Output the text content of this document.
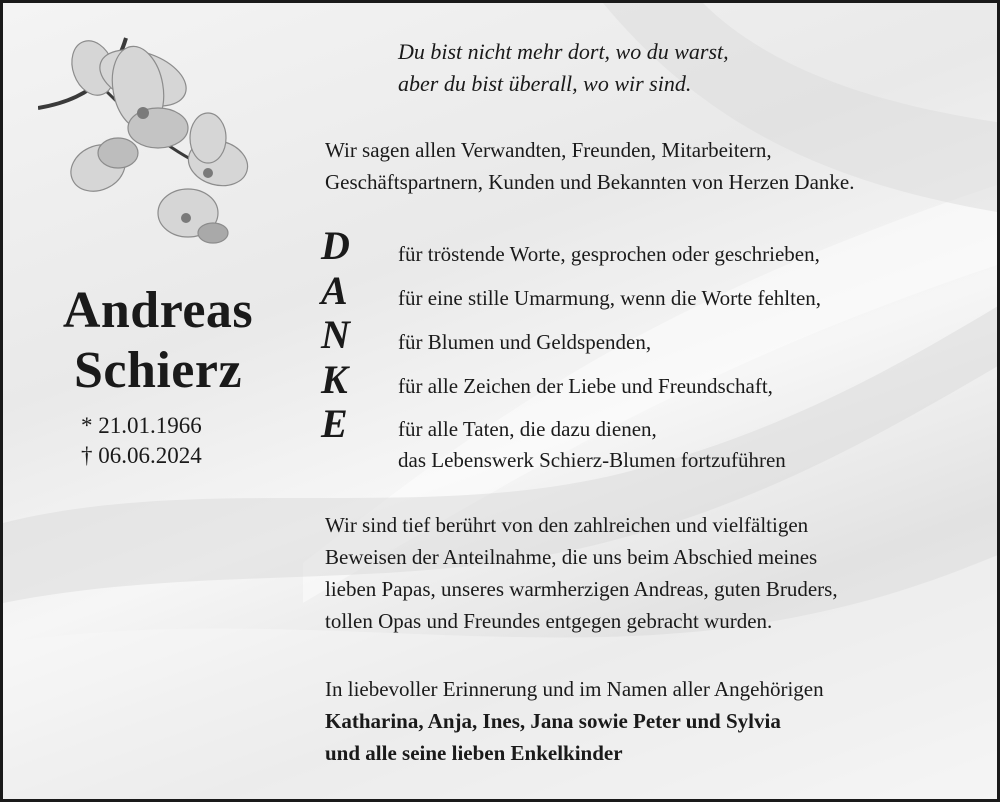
Andreas
Schierz
* 21.01.1966
† 06.06.2024
Du bist nicht mehr dort, wo du warst,
aber du bist überall, wo wir sind.
Wir sagen allen Verwandten, Freunden, Mitarbeitern,
Geschäftspartnern, Kunden und Bekannten von Herzen Danke.
D
A
N
K
E
für tröstende Worte, gesprochen oder geschrieben,
für eine stille Umarmung, wenn die Worte fehlten,
für Blumen und Geldspenden,
für alle Zeichen der Liebe und Freundschaft,
für alle Taten, die dazu dienen,
das Lebenswerk Schierz-Blumen fortzuführen
Wir sind tief berührt von den zahlreichen und vielfältigen
Beweisen der Anteilnahme, die uns beim Abschied meines
lieben Papas, unseres warmherzigen Andreas, guten Bruders,
tollen Opas und Freundes entgegen gebracht wurden.
In liebevoller Erinnerung und im Namen aller Angehörigen
Katharina, Anja, Ines, Jana sowie Peter und Sylvia
und alle seine lieben Enkelkinder
